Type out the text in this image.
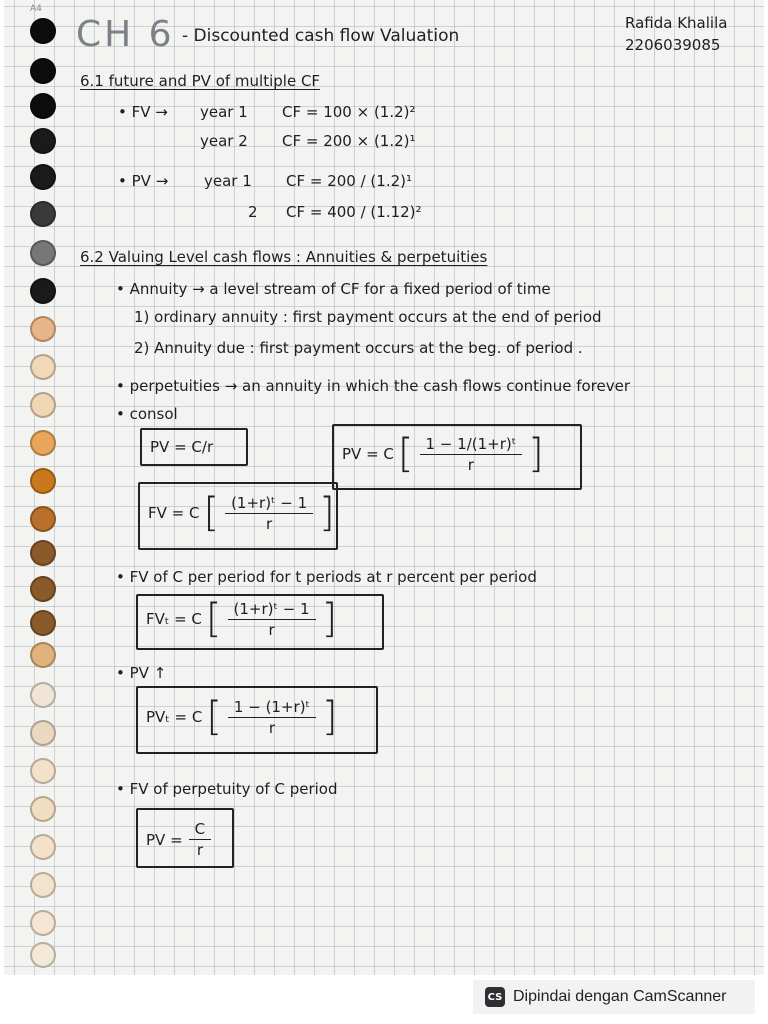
A4
CH 6 - Discounted cash flow Valuation
Rafida Khalila
2206039085
6.1 future and PV of multiple CF
• FV → year 1 CF = 100 × (1.2)²
year 2 CF = 200 × (1.2)¹
• PV → year 1 CF = 200 / (1.2)¹
2 CF = 400 / (1.12)²
6.2 Valuing Level cash flows : Annuities & perpetuities
• Annuity → a level stream of CF for a fixed period of time
1) ordinary annuity : first payment occurs at the end of period
2) Annuity due : first payment occurs at the beg. of period .
• perpetuities → an annuity in which the cash flows continue forever
• consol
PV = C/r	PV = C [ $\frac{\text{1 − 1/(1+r)ᵗ}}{r}$ ]
FV = C [ $\frac{\text{(1+r)ᵗ − 1}}{r}$ ]
• FV of C per period for t periods at r percent per period
FVₜ = C [ $\frac{\text{(1+r)ᵗ − 1}}{r}$ ]
• PV ↑
PVₜ = C [ $\frac{\text{1 − (1+r)ᵗ}}{r}$ ]
• FV of perpetuity of C period
PV = $\frac{C}{r}$
CS Dipindai dengan CamScanner
